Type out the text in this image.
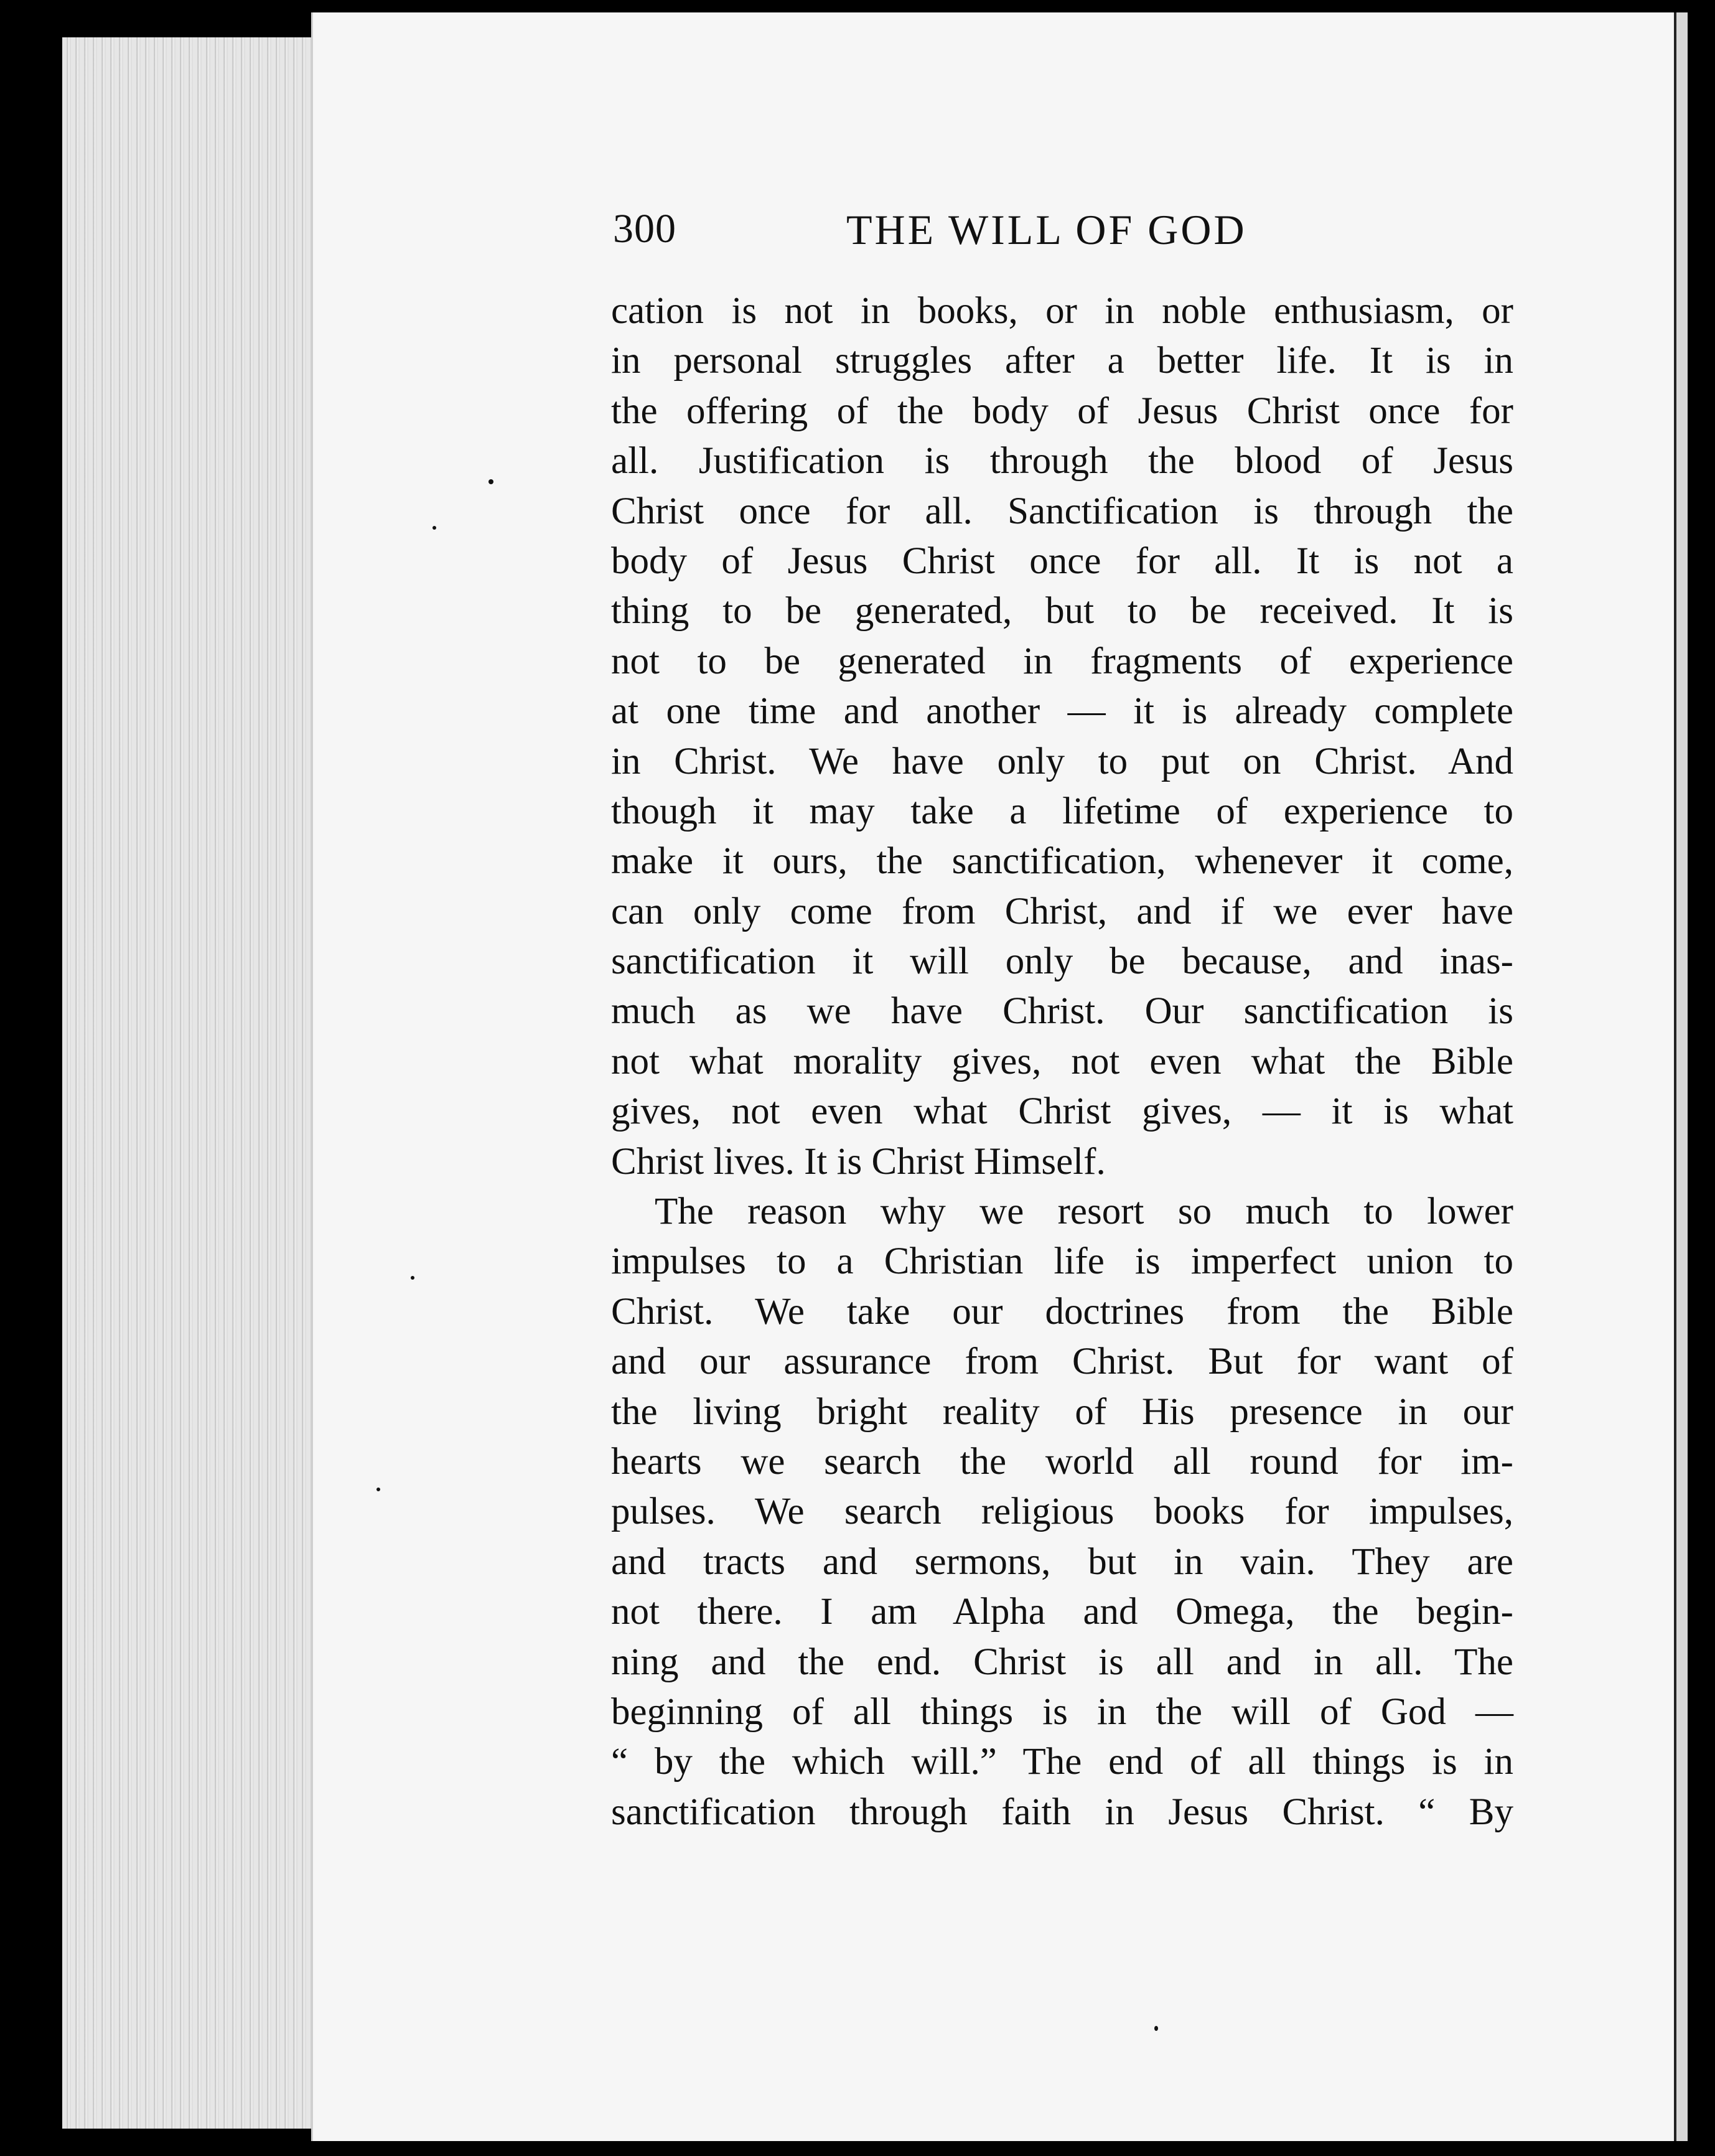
300	THE WILL OF GOD
cation is not in books, or in noble enthusiasm, or
in personal struggles after a better life. It is in
the offering of the body of Jesus Christ once for
all. Justification is through the blood of Jesus
Christ once for all. Sanctification is through the
body of Jesus Christ once for all. It is not a
thing to be generated, but to be received. It is
not to be generated in fragments of experience
at one time and another — it is already complete
in Christ. We have only to put on Christ. And
though it may take a lifetime of experience to
make it ours, the sanctification, whenever it come,
can only come from Christ, and if we ever have
sanctification it will only be because, and inas-
much as we have Christ. Our sanctification is
not what morality gives, not even what the Bible
gives, not even what Christ gives, — it is what
Christ lives. It is Christ Himself.
The reason why we resort so much to lower
impulses to a Christian life is imperfect union to
Christ. We take our doctrines from the Bible
and our assurance from Christ. But for want of
the living bright reality of His presence in our
hearts we search the world all round for im-
pulses. We search religious books for impulses,
and tracts and sermons, but in vain. They are
not there. I am Alpha and Omega, the begin-
ning and the end. Christ is all and in all. The
beginning of all things is in the will of God —
“ by the which will.” The end of all things is in
sanctification through faith in Jesus Christ. “ By
